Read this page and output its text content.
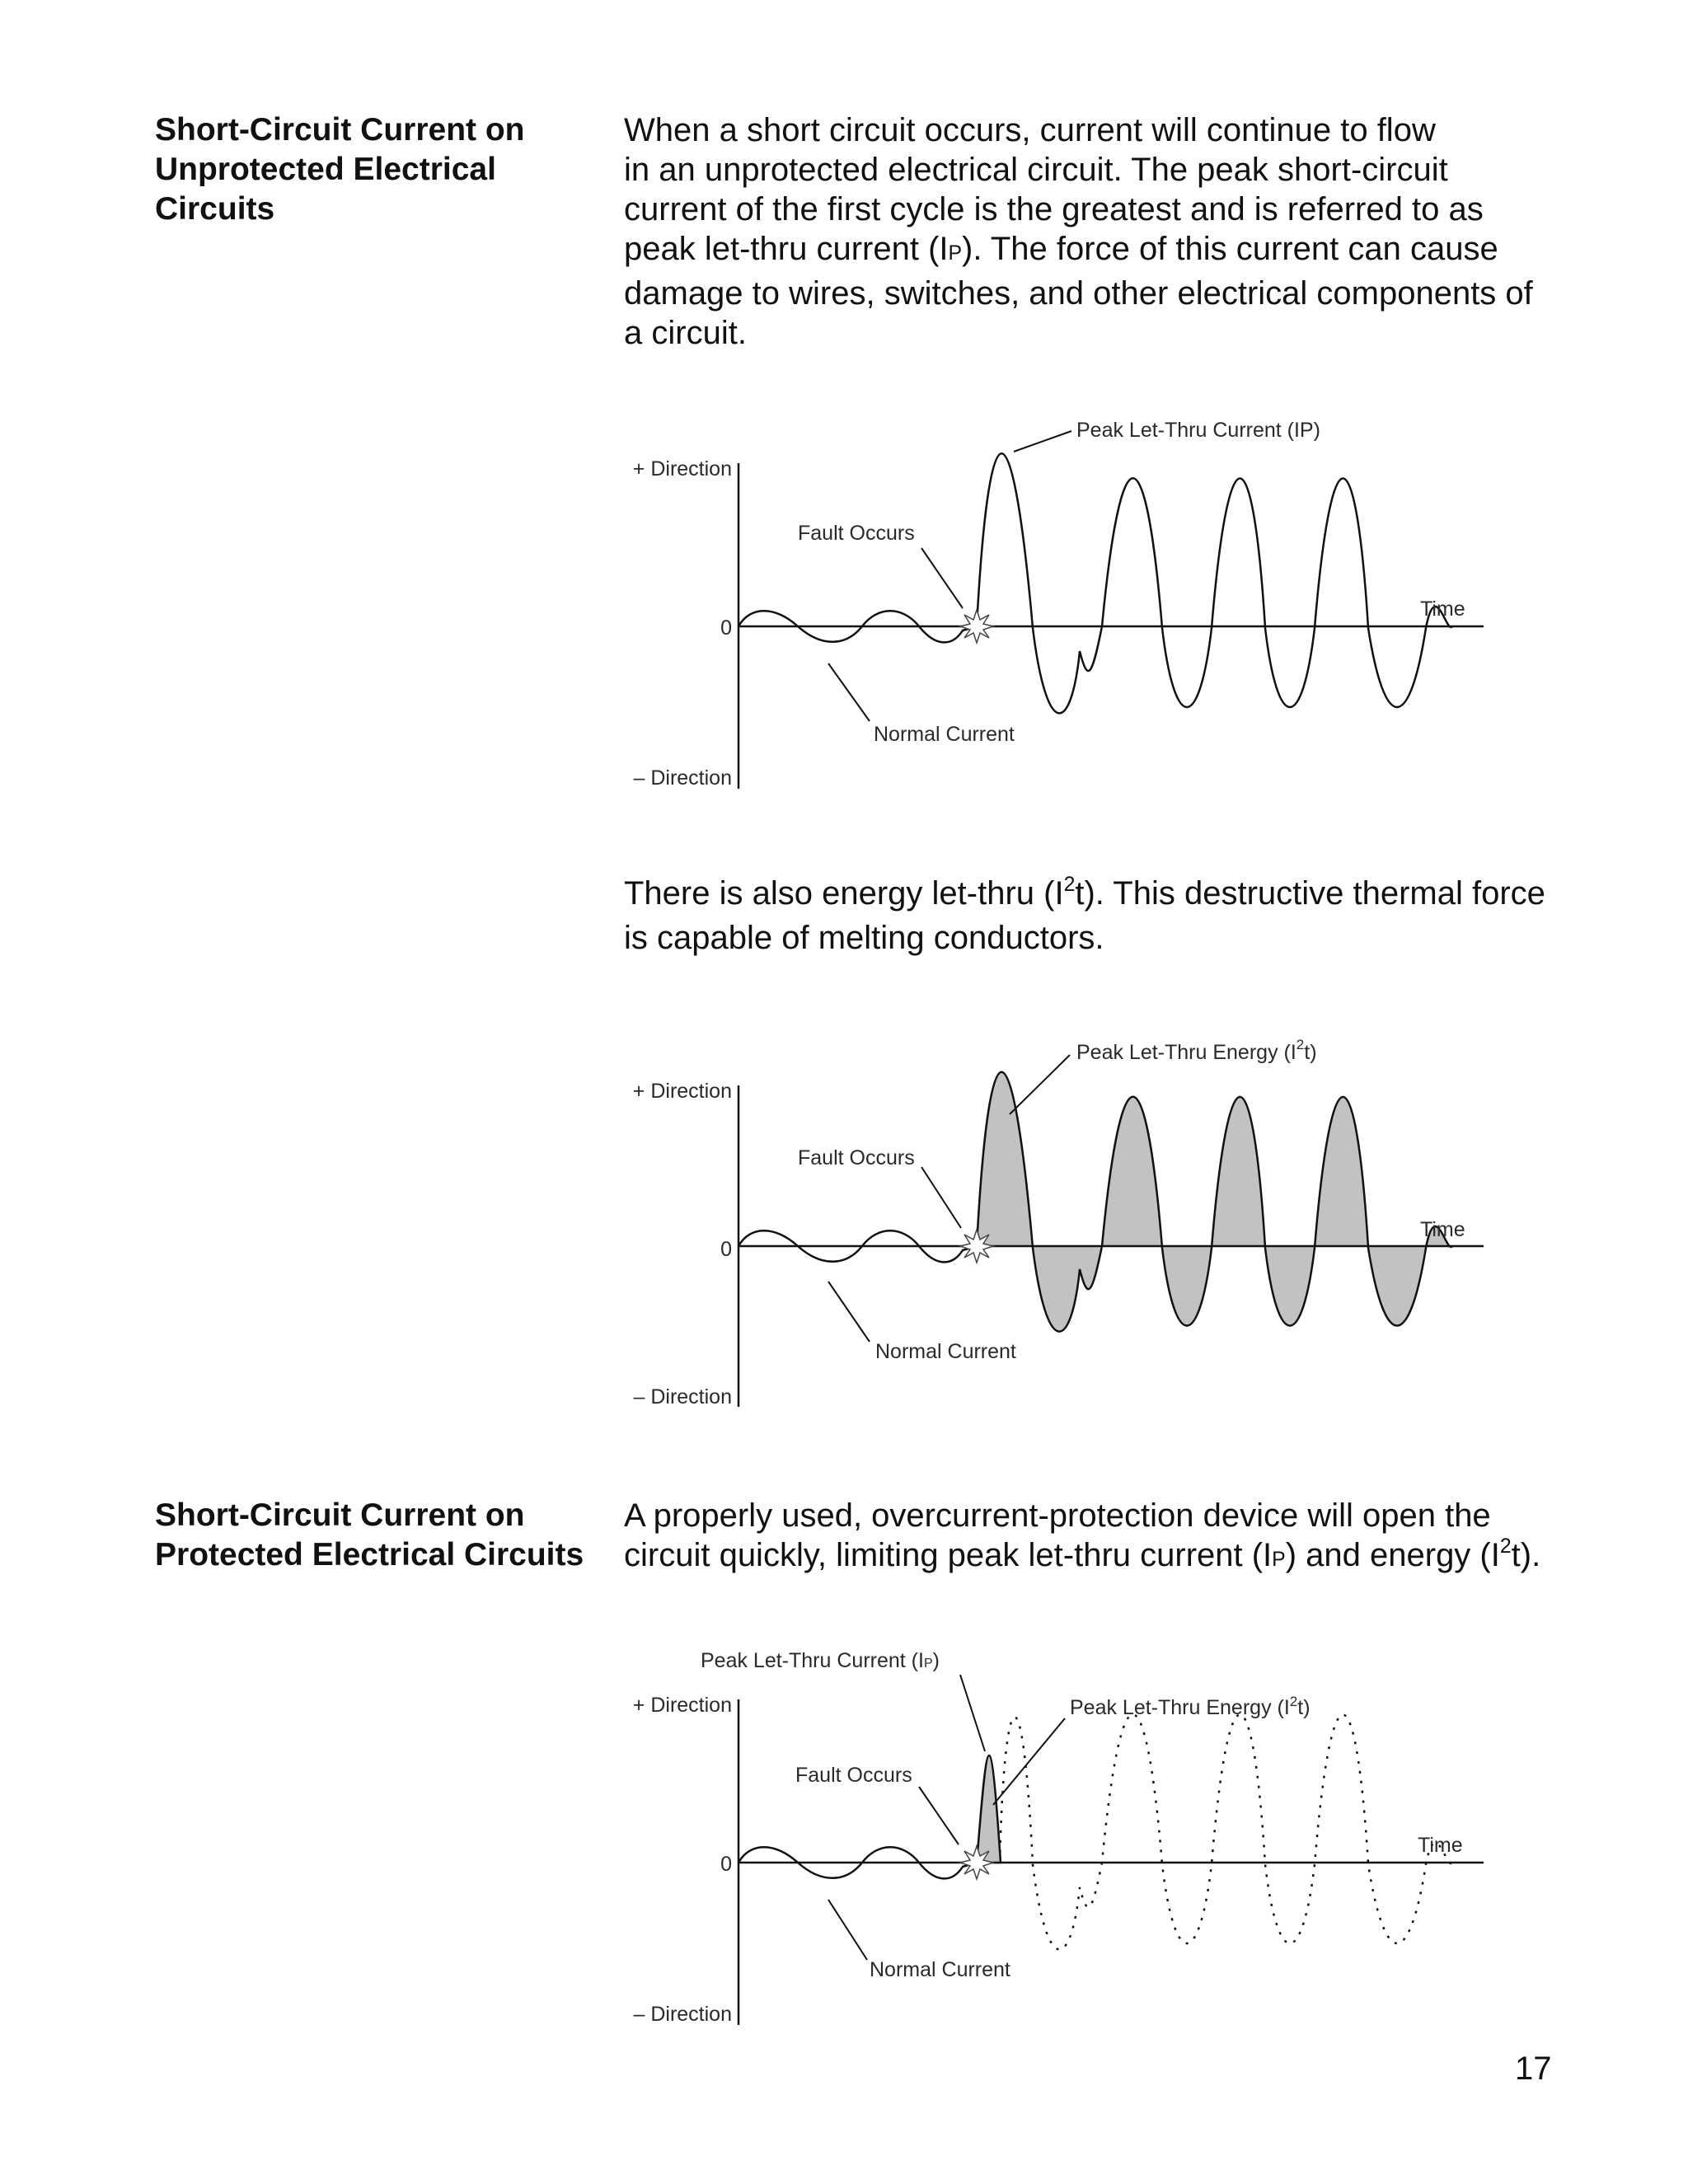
Short-Circuit Current on
Unprotected Electrical
Circuits
When a short circuit occurs, current will continue to flow
in an unprotected electrical circuit. The peak short-circuit
current of the first cycle is the greatest and is referred to as
peak let-thru current (IP). The force of this current can cause
damage to wires, switches, and other electrical components of
a circuit.
+ Direction
0
– Direction
Fault Occurs
Normal Current
Time
Peak Let-Thru Current (IP)
There is also energy let-thru $(I^2t)$. This destructive thermal force
is capable of melting conductors.
+ Direction
0
– Direction
Fault Occurs
Normal Current
Time
Peak Let-Thru Energy $(I^2t)$
Short-Circuit Current on
Protected Electrical Circuits
A properly used, overcurrent-protection device will open the
circuit quickly, limiting peak let-thru current (IP) and energy $(I^2t)$.
+ Direction
0
– Direction
Fault Occurs
Normal Current
Time
Peak Let-Thru Current (IP)
Peak Let-Thru Energy $(I^2t)$
17
